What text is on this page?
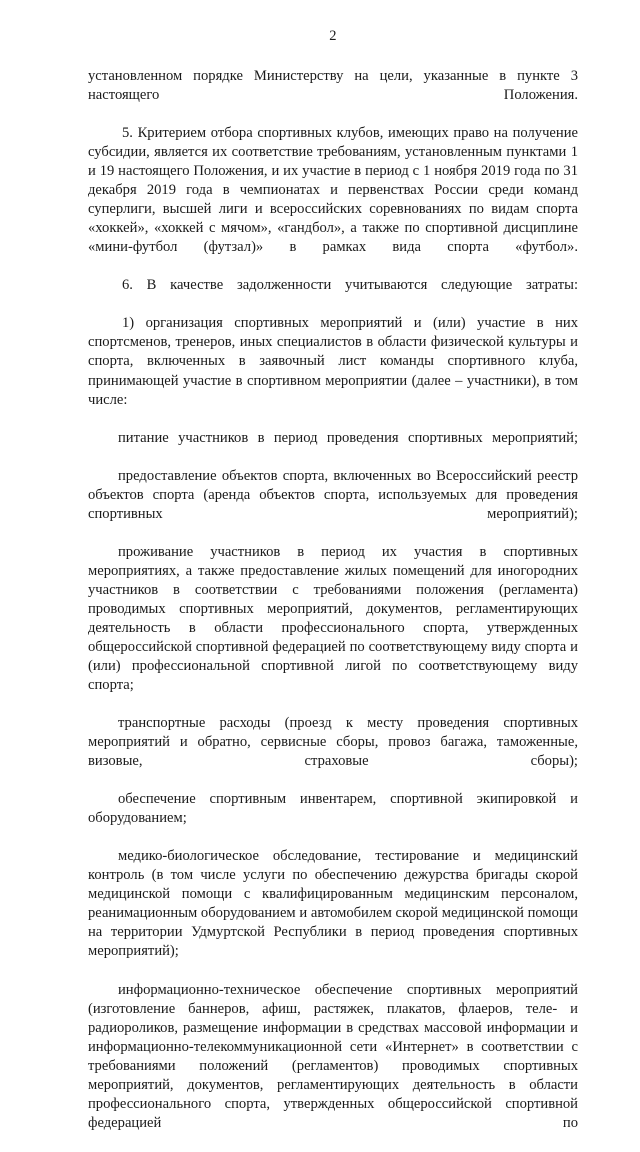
2

установленном порядке Министерству на цели, указанные в пункте 3 настоящего Положения.

5. Критерием отбора спортивных клубов, имеющих право на получение субсидии, является их соответствие требованиям, установленным пунктами 1 и 19 настоящего Положения, и их участие в период с 1 ноября 2019 года по 31 декабря 2019 года в чемпионатах и первенствах России среди команд суперлиги, высшей лиги и всероссийских соревнованиях по видам спорта «хоккей», «хоккей с мячом», «гандбол», а также по спортивной дисциплине «мини-футбол (футзал)» в рамках вида спорта «футбол».

6. В качестве задолженности учитываются следующие затраты:

1) организация спортивных мероприятий и (или) участие в них спортсменов, тренеров, иных специалистов в области физической культуры и спорта, включенных в заявочный лист команды спортивного клуба, принимающей участие в спортивном мероприятии (далее – участники), в том числе:

питание участников в период проведения спортивных мероприятий;

предоставление объектов спорта, включенных во Всероссийский реестр объектов спорта (аренда объектов спорта, используемых для проведения спортивных мероприятий);

проживание участников в период их участия в спортивных мероприятиях, а также предоставление жилых помещений для иногородних участников в соответствии с требованиями положения (регламента) проводимых спортивных мероприятий, документов, регламентирующих деятельность в области профессионального спорта, утвержденных общероссийской спортивной федерацией по соответствующему виду спорта и (или) профессиональной спортивной лигой по соответствующему виду спорта;

транспортные расходы (проезд к месту проведения спортивных мероприятий и обратно, сервисные сборы, провоз багажа, таможенные, визовые, страховые сборы);

обеспечение спортивным инвентарем, спортивной экипировкой и оборудованием;

медико-биологическое обследование, тестирование и медицинский контроль (в том числе услуги по обеспечению дежурства бригады скорой медицинской помощи с квалифицированным медицинским персоналом, реанимационным оборудованием и автомобилем скорой медицинской помощи на территории Удмуртской Республики в период проведения спортивных мероприятий);

информационно-техническое обеспечение спортивных мероприятий (изготовление баннеров, афиш, растяжек, плакатов, флаеров, теле- и радиороликов, размещение информации в средствах массовой информации и информационно-телекоммуникационной сети «Интернет» в соответствии с требованиями положений (регламентов) проводимых спортивных мероприятий, документов, регламентирующих деятельность в области профессионального спорта, утвержденных общероссийской спортивной федерацией по
